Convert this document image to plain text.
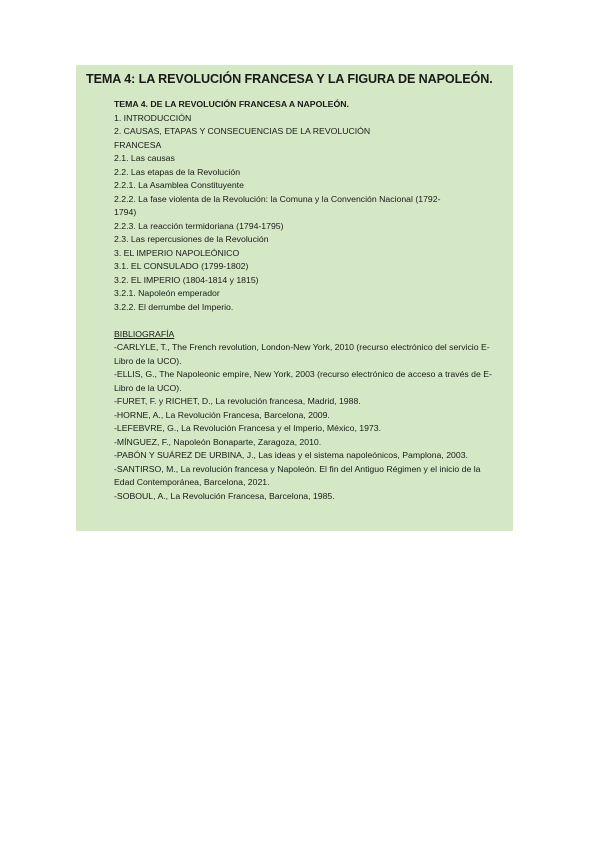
TEMA 4: LA REVOLUCIÓN FRANCESA Y LA FIGURA DE NAPOLEÓN.
TEMA 4. DE LA REVOLUCIÓN FRANCESA A NAPOLEÓN.
1. INTRODUCCIÓN
2. CAUSAS, ETAPAS Y CONSECUENCIAS DE LA REVOLUCIÓN
FRANCESA
2.1. Las causas
2.2. Las etapas de la Revolución
2.2.1. La Asamblea Constituyente
2.2.2. La fase violenta de la Revolución: la Comuna y la Convención Nacional (1792-
1794)
2.2.3. La reacción termidoriana (1794-1795)
2.3. Las repercusiones de la Revolución
3. EL IMPERIO NAPOLEÓNICO
3.1. EL CONSULADO (1799-1802)
3.2. EL IMPERIO (1804-1814 y 1815)
3.2.1. Napoleón emperador
3.2.2. El derrumbe del Imperio.
BIBLIOGRAFÍA
-CARLYLE, T., The French revolution, London-New York, 2010 (recurso electrónico del servicio E-Libro de la UCO).
-ELLIS, G., The Napoleonic empire, New York, 2003 (recurso electrónico de acceso a través de E-Libro de la UCO).
-FURET, F. y RICHET, D., La revolución francesa, Madrid, 1988.
-HORNE, A., La Revolución Francesa, Barcelona, 2009.
-LEFEBVRE, G., La Revolución Francesa y el Imperio, México, 1973.
-MÍNGUEZ, F., Napoleón Bonaparte, Zaragoza, 2010.
-PABÓN Y SUÁREZ DE URBINA, J., Las ideas y el sistema napoleónicos, Pamplona, 2003.
-SANTIRSO, M., La revolución francesa y Napoleón. El fin del Antiguo Régimen y el inicio de la Edad Contemporánea, Barcelona, 2021.
-SOBOUL, A., La Revolución Francesa, Barcelona, 1985.
